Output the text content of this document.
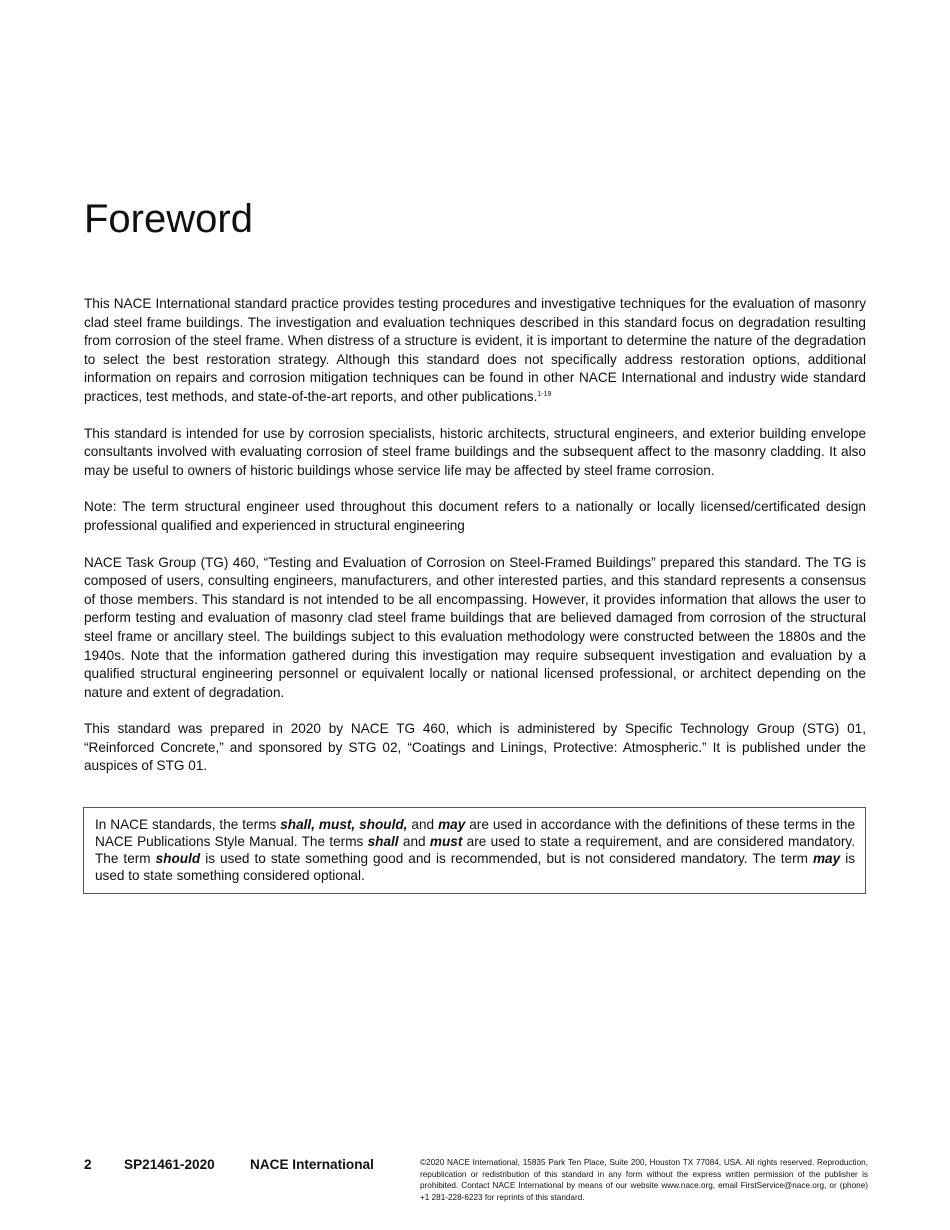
Foreword

This NACE International standard practice provides testing procedures and investigative techniques for the evaluation of masonry clad steel frame buildings. The investigation and evaluation techniques described in this standard focus on degradation resulting from corrosion of the steel frame. When distress of a structure is evident, it is important to determine the nature of the degradation to select the best restoration strategy. Although this standard does not specifically address restoration options, additional information on repairs and corrosion mitigation techniques can be found in other NACE International and industry wide standard practices, test methods, and state-of-the-art reports, and other publications.$^{1-19}$

This standard is intended for use by corrosion specialists, historic architects, structural engineers, and exterior building envelope consultants involved with evaluating corrosion of steel frame buildings and the subsequent affect to the masonry cladding. It also may be useful to owners of historic buildings whose service life may be affected by steel frame corrosion.

Note: The term structural engineer used throughout this document refers to a nationally or locally licensed/certificated design professional qualified and experienced in structural engineering

NACE Task Group (TG) 460, “Testing and Evaluation of Corrosion on Steel-Framed Buildings” prepared this standard. The TG is composed of users, consulting engineers, manufacturers, and other interested parties, and this standard represents a consensus of those members. This standard is not intended to be all encompassing. However, it provides information that allows the user to perform testing and evaluation of masonry clad steel frame buildings that are believed damaged from corrosion of the structural steel frame or ancillary steel. The buildings subject to this evaluation methodology were constructed between the 1880s and the 1940s. Note that the information gathered during this investigation may require subsequent investigation and evaluation by a qualified structural engineering personnel or equivalent locally or national licensed professional, or architect depending on the nature and extent of degradation.

This standard was prepared in 2020 by NACE TG 460, which is administered by Specific Technology Group (STG) 01, “Reinforced Concrete,” and sponsored by STG 02, “Coatings and Linings, Protective: Atmospheric.” It is published under the auspices of STG 01.

In NACE standards, the terms shall, must, should, and may are used in accordance with the definitions of these terms in the NACE Publications Style Manual. The terms shall and must are used to state a requirement, and are considered mandatory. The term should is used to state something good and is recommended, but is not considered mandatory. The term may is used to state something considered optional.
2 SP21461-2020	NACE International	©2020 NACE International, 15835 Park Ten Place, Suite 200, Houston TX 77084, USA. All rights reserved. Reproduction, republication or redistribution of this standard in any form without the express written permission of the publisher is prohibited. Contact NACE International by means of our website www.nace.org, email FirstService@nace.org, or (phone) +1 281-228-6223 for reprints of this standard.
